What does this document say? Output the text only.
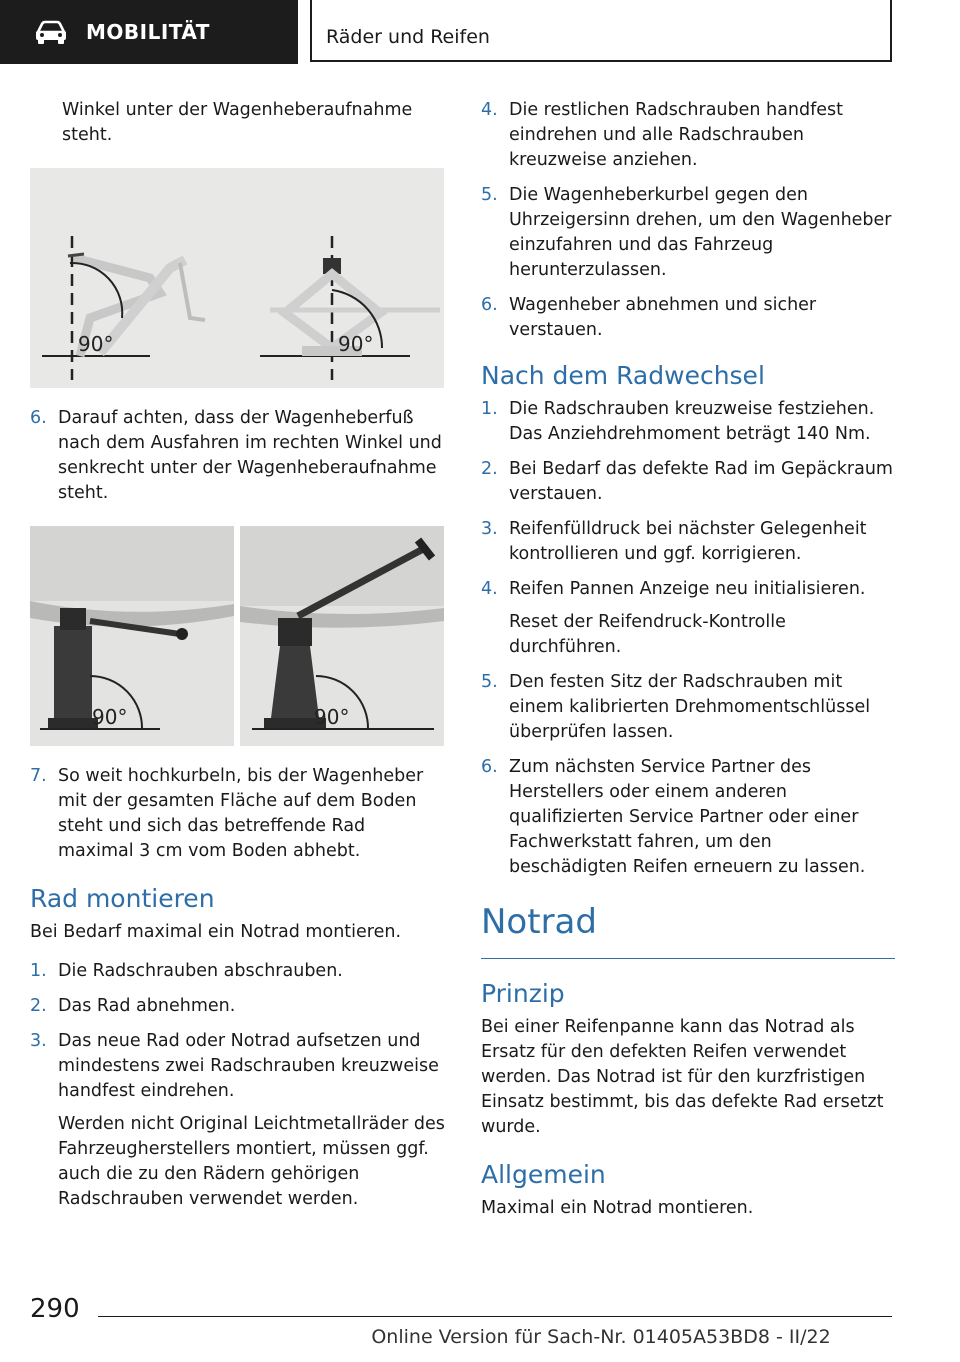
MOBILITÄT	Räder und Reifen

Winkel unter der Wagenheberaufnahme steht.

90°	90°
6. Darauf achten, dass der Wagenheberfuß nach dem Ausfahren im rechten Winkel und senkrecht unter der Wagenheberaufnahme steht.

90°	90°
7. So weit hochkurbeln, bis der Wagenheber mit der gesamten Fläche auf dem Boden steht und sich das betreffende Rad maximal 3 cm vom Boden abhebt.

Rad montieren

Bei Bedarf maximal ein Notrad montieren.

1. Die Radschrauben abschrauben.

2. Das Rad abnehmen.

3. Das neue Rad oder Notrad aufsetzen und mindestens zwei Radschrauben kreuzweise handfest eindrehen.

Werden nicht Original Leichtmetallräder des Fahrzeugherstellers montiert, müssen ggf. auch die zu den Rädern gehörigen Radschrauben verwendet werden.

4. Die restlichen Radschrauben handfest eindrehen und alle Radschrauben kreuzweise anziehen.

5. Die Wagenheberkurbel gegen den Uhrzeigersinn drehen, um den Wagenheber einzufahren und das Fahrzeug herunterzulassen.

6. Wagenheber abnehmen und sicher verstauen.

Nach dem Radwechsel
1. Die Radschrauben kreuzweise festziehen. Das Anziehdrehmoment beträgt 140 Nm.

2. Bei Bedarf das defekte Rad im Gepäckraum verstauen.

3. Reifenfülldruck bei nächster Gelegenheit kontrollieren und ggf. korrigieren.

4. Reifen Pannen Anzeige neu initialisieren.

Reset der Reifendruck-Kontrolle durchführen.

5. Den festen Sitz der Radschrauben mit einem kalibrierten Drehmomentschlüssel überprüfen lassen.

6. Zum nächsten Service Partner des Herstellers oder einem anderen qualifizierten Service Partner oder einer Fachwerkstatt fahren, um den beschädigten Reifen erneuern zu lassen.

Notrad
Prinzip

Bei einer Reifenpanne kann das Notrad als Ersatz für den defekten Reifen verwendet werden. Das Notrad ist für den kurzfristigen Einsatz bestimmt, bis das defekte Rad ersetzt wurde.

Allgemein

Maximal ein Notrad montieren.

290
Online Version für Sach-Nr. 01405A53BD8 - II/22
